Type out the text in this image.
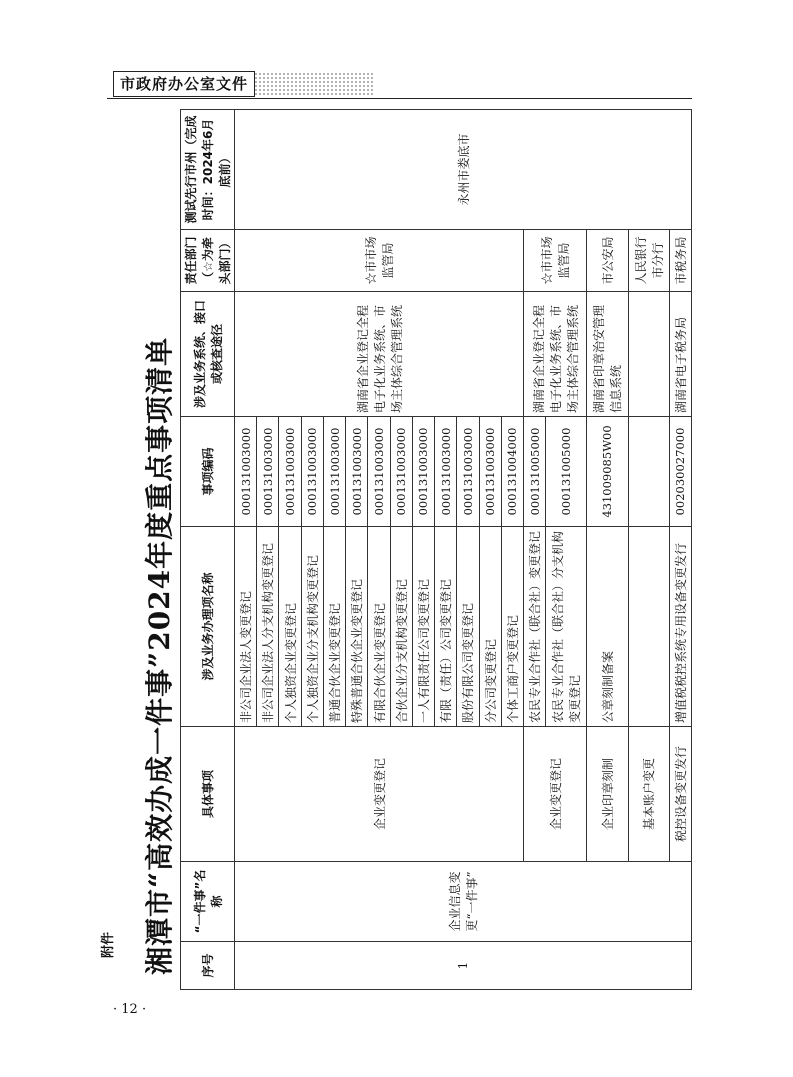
市政府办公室文件
· 12 ·
附件 湘潭市“高效办成一件事”2024年度重点事项清单 序号	“一件事”名称	具体事项	涉及业务办理项名称	事项编码	涉及业务系统、接口或核查途径	责任部门（☆为牵头部门）	测试先行市州（完成时间：2024年6月底前）
1	企业信息变更“一件事”	企业变更登记	非公司企业法人变更登记	000131003000	湖南省企业登记全程电子化业务系统、市场主体综合管理系统	☆市市场监管局	永州市娄底市
			非公司企业法人分支机构变更登记	000131003000			
			个人独资企业变更登记	000131003000			
			个人独资企业分支机构变更登记	000131003000			
			普通合伙企业变更登记	000131003000			
			特殊普通合伙企业变更登记	000131003000			
			有限合伙企业变更登记	000131003000			
			合伙企业分支机构变更登记	000131003000			
			一人有限责任公司变更登记	000131003000			
			有限（责任）公司变更登记	000131003000			
			股份有限公司变更登记	000131003000			
			分公司变更登记	000131003000			
			个体工商户变更登记	000131004000			
		企业变更登记	农民专业合作社（联合社）变更登记	000131005000	湖南省企业登记全程电子化业务系统、市场主体综合管理系统	☆市市场监管局	
			农民专业合作社（联合社）分支机构变更登记	000131005000			
		企业印章刻制	公章刻制备案	431009085W00	湖南省印章治安管理信息系统	市公安局	
		基本账户变更				人民银行市分行	
		税控设备变更发行	增值税税控系统专用设备变更发行	002030027000	湖南省电子税务局	市税务局	
